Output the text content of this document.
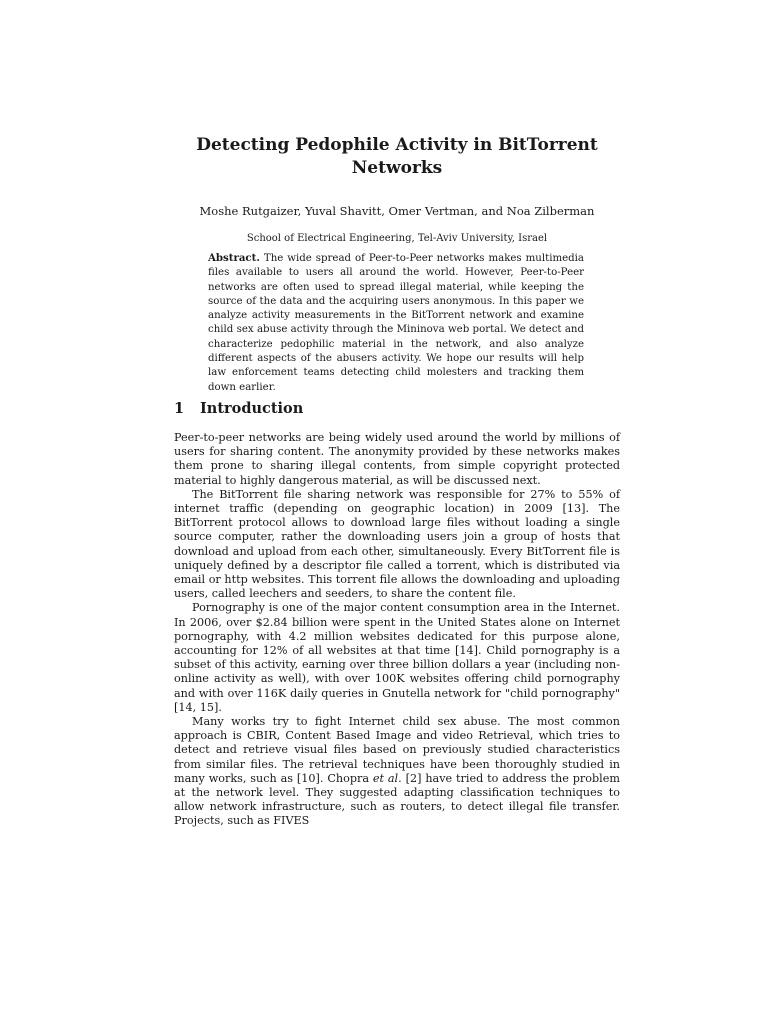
Detecting Pedophile Activity in BitTorrent Networks
Moshe Rutgaizer, Yuval Shavitt, Omer Vertman, and Noa Zilberman
School of Electrical Engineering, Tel-Aviv University, Israel
Abstract. The wide spread of Peer-to-Peer networks makes multimedia files available to users all around the world. However, Peer-to-Peer networks are often used to spread illegal material, while keeping the source of the data and the acquiring users anonymous. In this paper we analyze activity measurements in the BitTorrent network and examine child sex abuse activity through the Mininova web portal. We detect and characterize pedophilic material in the network, and also analyze different aspects of the abusers activity. We hope our results will help law enforcement teams detecting child molesters and tracking them down earlier.
1 Introduction

Peer-to-peer networks are being widely used around the world by millions of users for sharing content. The anonymity provided by these networks makes them prone to sharing illegal contents, from simple copyright protected material to highly dangerous material, as will be discussed next.

The BitTorrent file sharing network was responsible for 27% to 55% of internet traffic (depending on geographic location) in 2009 [13]. The BitTorrent protocol allows to download large files without loading a single source computer, rather the downloading users join a group of hosts that download and upload from each other, simultaneously. Every BitTorrent file is uniquely defined by a descriptor file called a torrent, which is distributed via email or http websites. This torrent file allows the downloading and uploading users, called leechers and seeders, to share the content file.

Pornography is one of the major content consumption area in the Internet. In 2006, over $2.84 billion were spent in the United States alone on Internet pornography, with 4.2 million websites dedicated for this purpose alone, accounting for 12% of all websites at that time [14]. Child pornography is a subset of this activity, earning over three billion dollars a year (including non-online activity as well), with over 100K websites offering child pornography and with over 116K daily queries in Gnutella network for "child pornography" [14, 15].

Many works try to fight Internet child sex abuse. The most common approach is CBIR, Content Based Image and video Retrieval, which tries to detect and retrieve visual files based on previously studied characteristics from similar files. The retrieval techniques have been thoroughly studied in many works, such as [10]. Chopra et al. [2] have tried to address the problem at the network level. They suggested adapting classification techniques to allow network infrastructure, such as routers, to detect illegal file transfer. Projects, such as FIVES
